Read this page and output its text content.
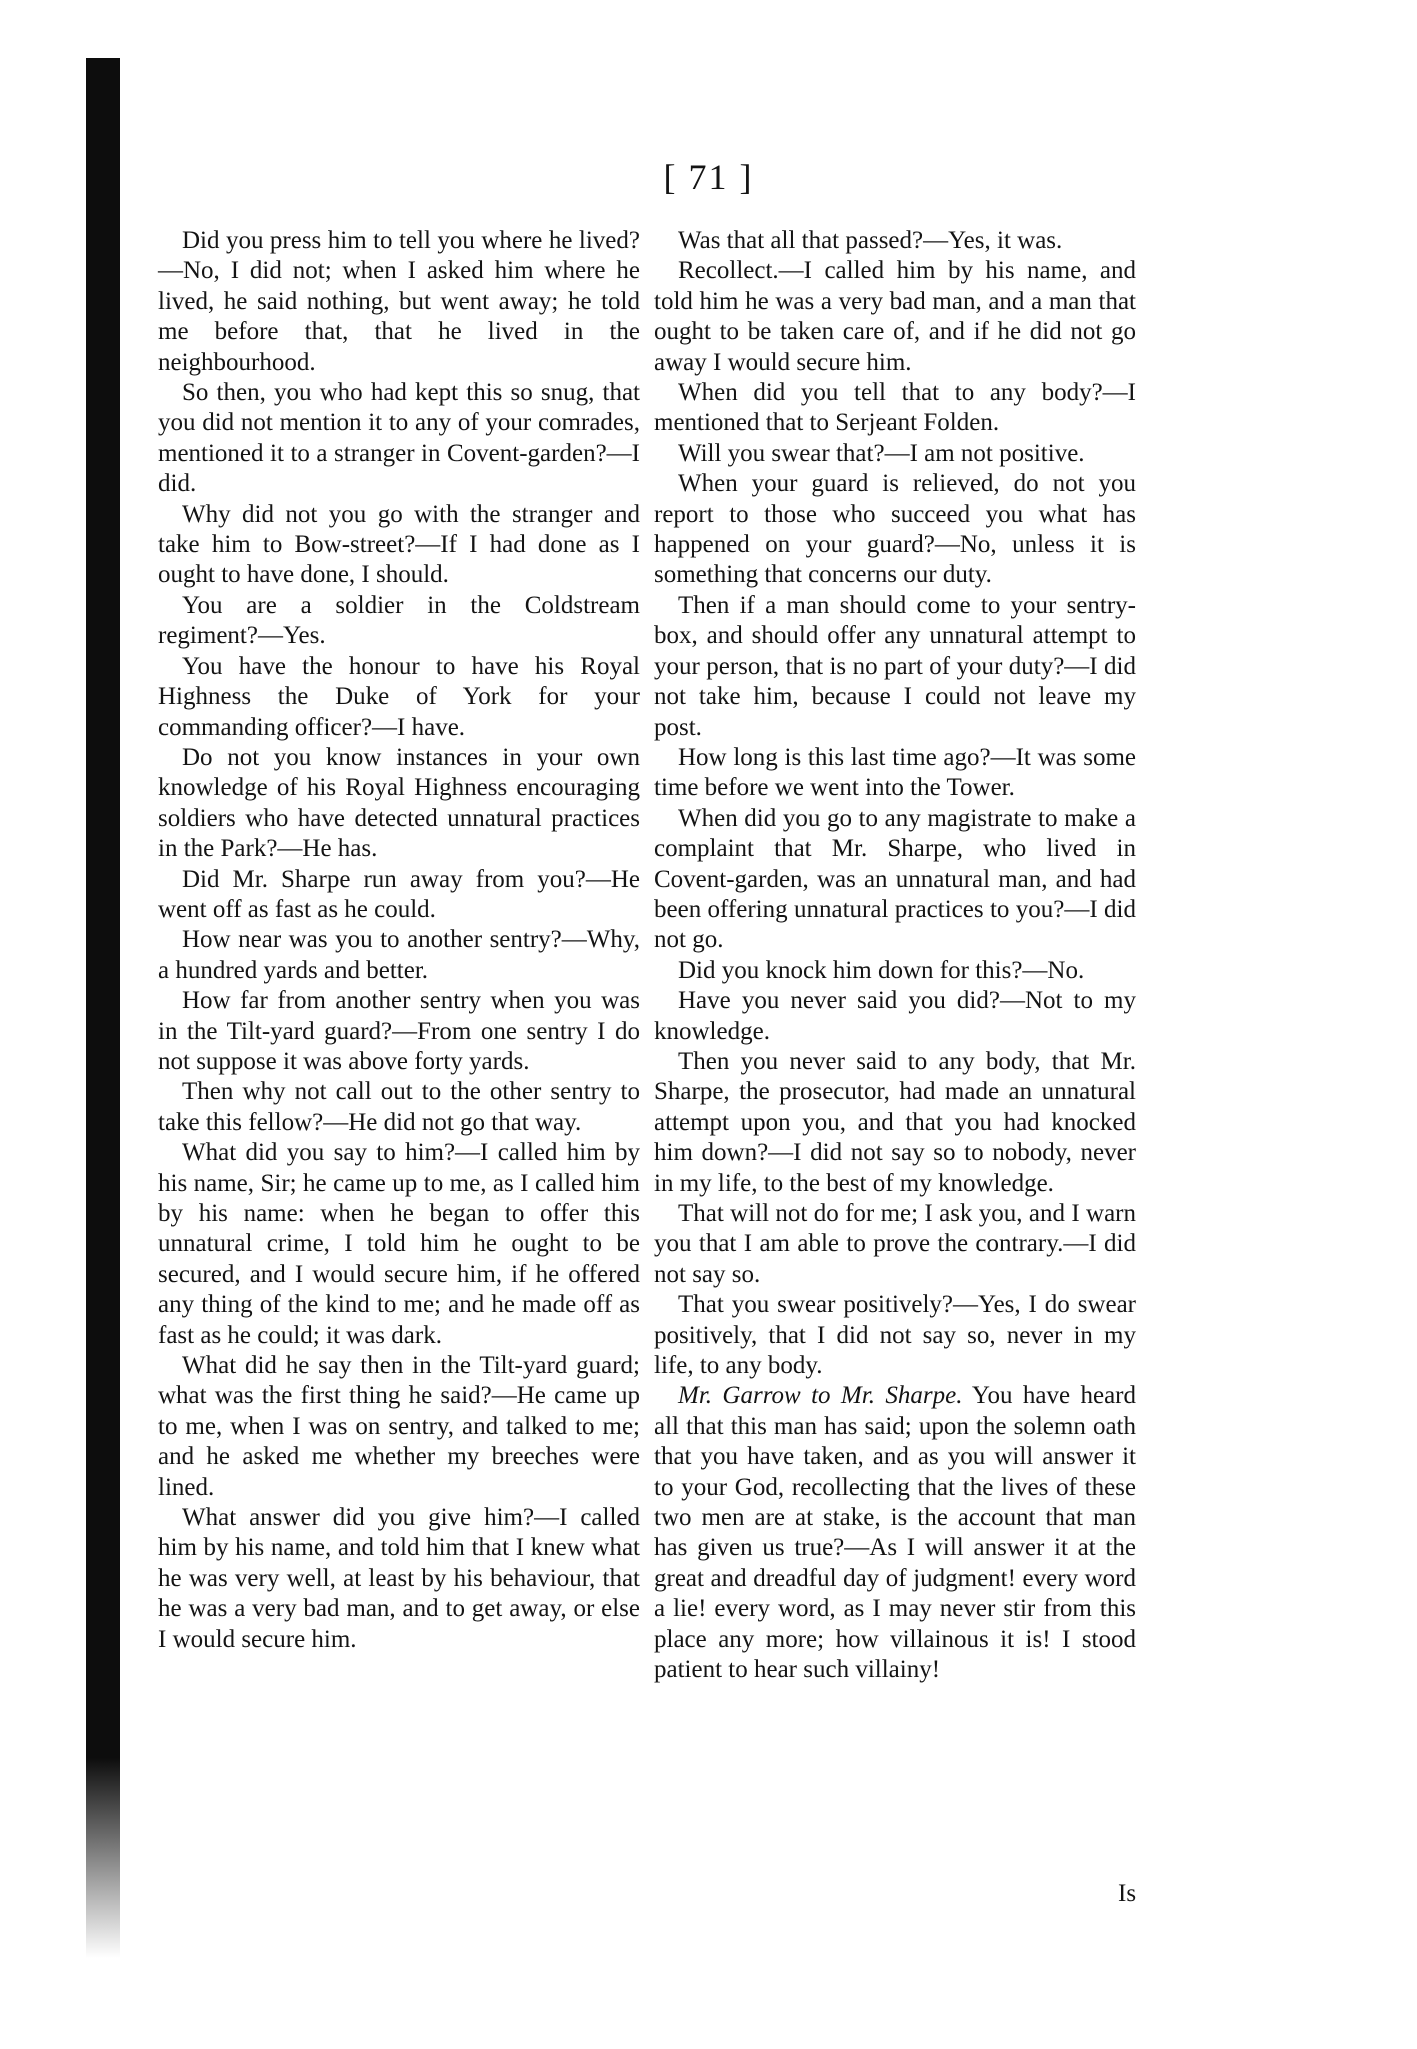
[ 71 ]

Did you press him to tell you where he lived?—No, I did not; when I asked him where he lived, he said nothing, but went away; he told me before that, that he lived in the neighbourhood.

So then, you who had kept this so snug, that you did not mention it to any of your comrades, mentioned it to a stranger in Covent-garden?—I did.

Why did not you go with the stranger and take him to Bow-street?—If I had done as I ought to have done, I should.

You are a soldier in the Coldstream regiment?—Yes.

You have the honour to have his Royal Highness the Duke of York for your commanding officer?—I have.

Do not you know instances in your own knowledge of his Royal Highness encouraging soldiers who have detected unnatural practices in the Park?—He has.

Did Mr. Sharpe run away from you?—He went off as fast as he could.

How near was you to another sentry?—Why, a hundred yards and better.

How far from another sentry when you was in the Tilt-yard guard?—From one sentry I do not suppose it was above forty yards.

Then why not call out to the other sentry to take this fellow?—He did not go that way.

What did you say to him?—I called him by his name, Sir; he came up to me, as I called him by his name: when he began to offer this unnatural crime, I told him he ought to be secured, and I would secure him, if he offered any thing of the kind to me; and he made off as fast as he could; it was dark.

What did he say then in the Tilt-yard guard; what was the first thing he said?—He came up to me, when I was on sentry, and talked to me; and he asked me whether my breeches were lined.

What answer did you give him?—I called him by his name, and told him that I knew what he was very well, at least by his behaviour, that he was a very bad man, and to get away, or else I would secure him.

Was that all that passed?—Yes, it was.

Recollect.—I called him by his name, and told him he was a very bad man, and a man that ought to be taken care of, and if he did not go away I would secure him.

When did you tell that to any body?—I mentioned that to Serjeant Folden.

Will you swear that?—I am not positive.

When your guard is relieved, do not you report to those who succeed you what has happened on your guard?—No, unless it is something that concerns our duty.

Then if a man should come to your sentry-box, and should offer any unnatural attempt to your person, that is no part of your duty?—I did not take him, because I could not leave my post.

How long is this last time ago?—It was some time before we went into the Tower.

When did you go to any magistrate to make a complaint that Mr. Sharpe, who lived in Covent-garden, was an unnatural man, and had been offering unnatural practices to you?—I did not go.

Did you knock him down for this?—No.

Have you never said you did?—Not to my knowledge.

Then you never said to any body, that Mr. Sharpe, the prosecutor, had made an unnatural attempt upon you, and that you had knocked him down?—I did not say so to nobody, never in my life, to the best of my knowledge.

That will not do for me; I ask you, and I warn you that I am able to prove the contrary.—I did not say so.

That you swear positively?—Yes, I do swear positively, that I did not say so, never in my life, to any body.

Mr. Garrow to Mr. Sharpe. You have heard all that this man has said; upon the solemn oath that you have taken, and as you will answer it to your God, recollecting that the lives of these two men are at stake, is the account that man has given us true?—As I will answer it at the great and dreadful day of judgment! every word a lie! every word, as I may never stir from this place any more; how villainous it is! I stood patient to hear such villainy!

Is
